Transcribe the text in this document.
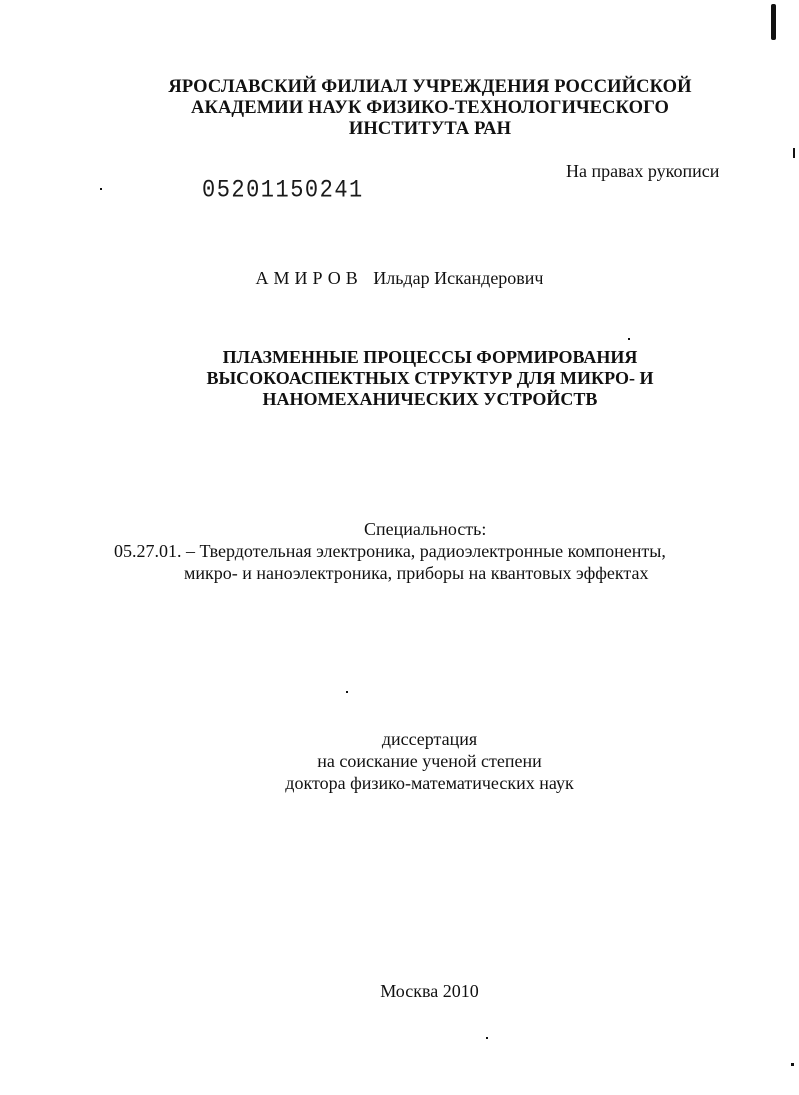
ЯРОСЛАВСКИЙ ФИЛИАЛ УЧРЕЖДЕНИЯ РОССИЙСКОЙ
АКАДЕМИИ НАУК ФИЗИКО-ТЕХНОЛОГИЧЕСКОГО
ИНСТИТУТА РАН
На правах рукописи
05201150241
АМИРОВ Ильдар Искандерович
ПЛАЗМЕННЫЕ ПРОЦЕССЫ ФОРМИРОВАНИЯ
ВЫСОКОАСПЕКТНЫХ СТРУКТУР ДЛЯ МИКРО- И
НАНОМЕХАНИЧЕСКИХ УСТРОЙСТВ
Специальность:
05.27.01. – Твердотельная электроника, радиоэлектронные компоненты,
микро- и наноэлектроника, приборы на квантовых эффектах
диссертация
на соискание ученой степени
доктора физико-математических наук
Москва 2010
